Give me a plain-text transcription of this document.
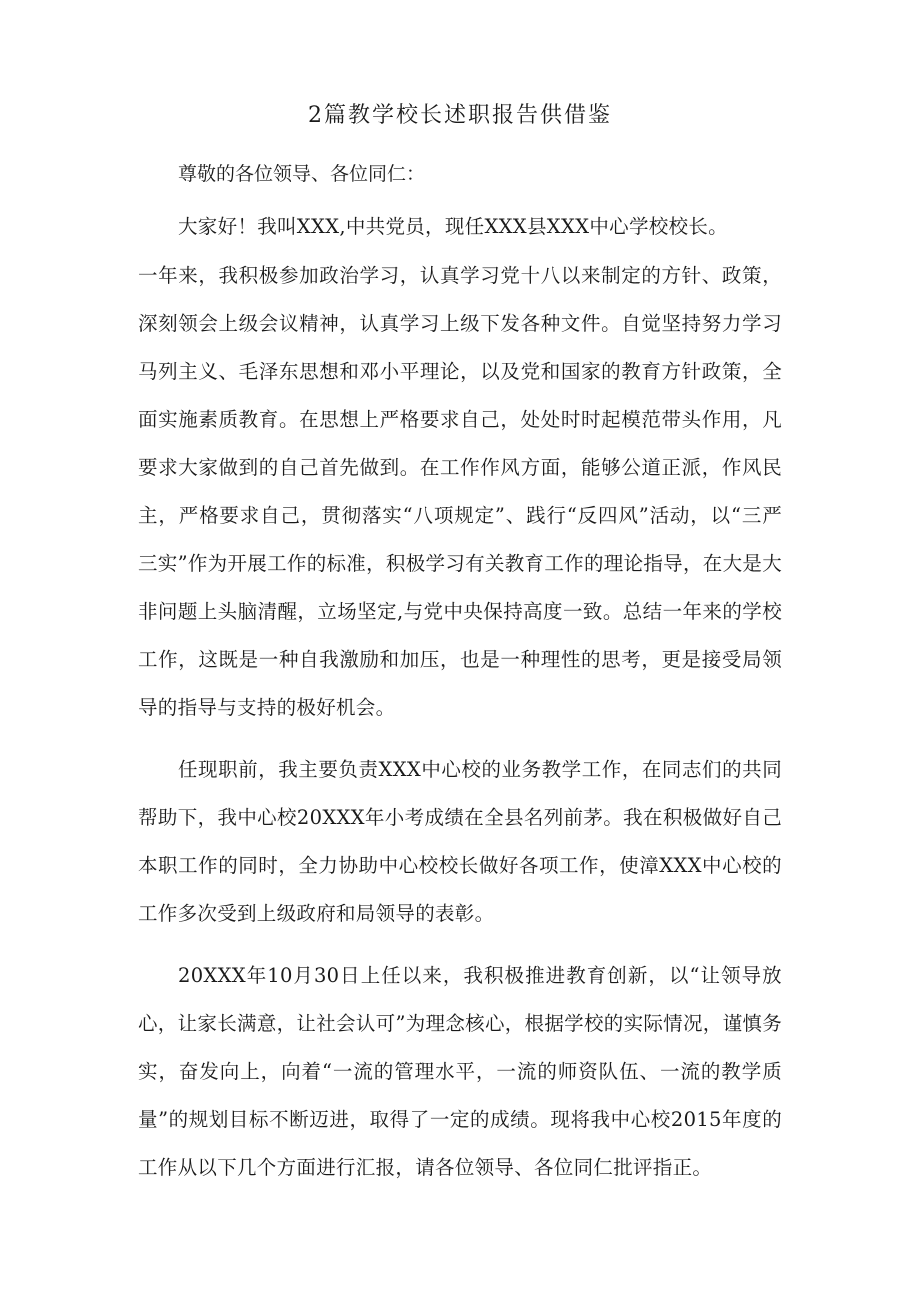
2篇教学校长述职报告供借鉴

尊敬的各位领导、各位同仁：

大家好！我叫XXX,中共党员，现任XXX县XXX中心学校校长。

一年来，我积极参加政治学习，认真学习党十八以来制定的方针、政策，深刻领会上级会议精神，认真学习上级下发各种文件。自觉坚持努力学习马列主义、毛泽东思想和邓小平理论，以及党和国家的教育方针政策，全面实施素质教育。在思想上严格要求自己，处处时时起模范带头作用，凡要求大家做到的自己首先做到。在工作作风方面，能够公道正派，作风民主，严格要求自己，贯彻落实“八项规定”、践行“反四风”活动，以“三严三实”作为开展工作的标准，积极学习有关教育工作的理论指导，在大是大非问题上头脑清醒，立场坚定,与党中央保持高度一致。总结一年来的学校工作，这既是一种自我激励和加压，也是一种理性的思考，更是接受局领导的指导与支持的极好机会。

任现职前，我主要负责XXX中心校的业务教学工作，在同志们的共同帮助下，我中心校20XXX年小考成绩在全县名列前茅。我在积极做好自己本职工作的同时，全力协助中心校校长做好各项工作，使漳XXX中心校的工作多次受到上级政府和局领导的表彰。

20XXX年10月30日上任以来，我积极推进教育创新，以“让领导放心，让家长满意，让社会认可”为理念核心，根据学校的实际情况，谨慎务实，奋发向上，向着“一流的管理水平，一流的师资队伍、一流的教学质量”的规划目标不断迈进，取得了一定的成绩。现将我中心校2015年度的工作从以下几个方面进行汇报，请各位领导、各位同仁批评指正。
